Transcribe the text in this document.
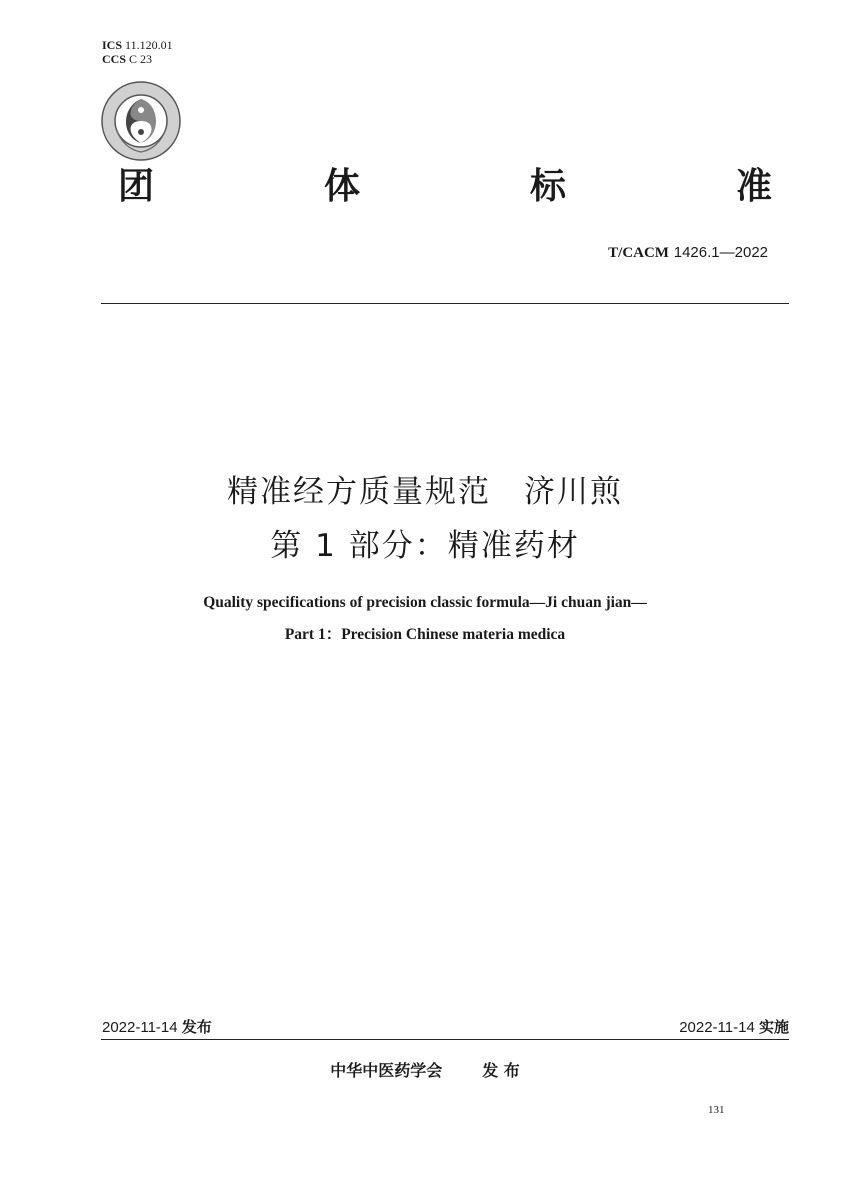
ICS 11.120.01
CCS C 23
团	体	标	准
T/CACM 1426.1—2022
精准经方质量规范　济川煎
第 1 部分：精准药材
Quality specifications of precision classic formula—Ji chuan jian—
Part 1：Precision Chinese materia medica
2022-11-14 发布	2022-11-14 实施
中华中医药学会	发 布
131
